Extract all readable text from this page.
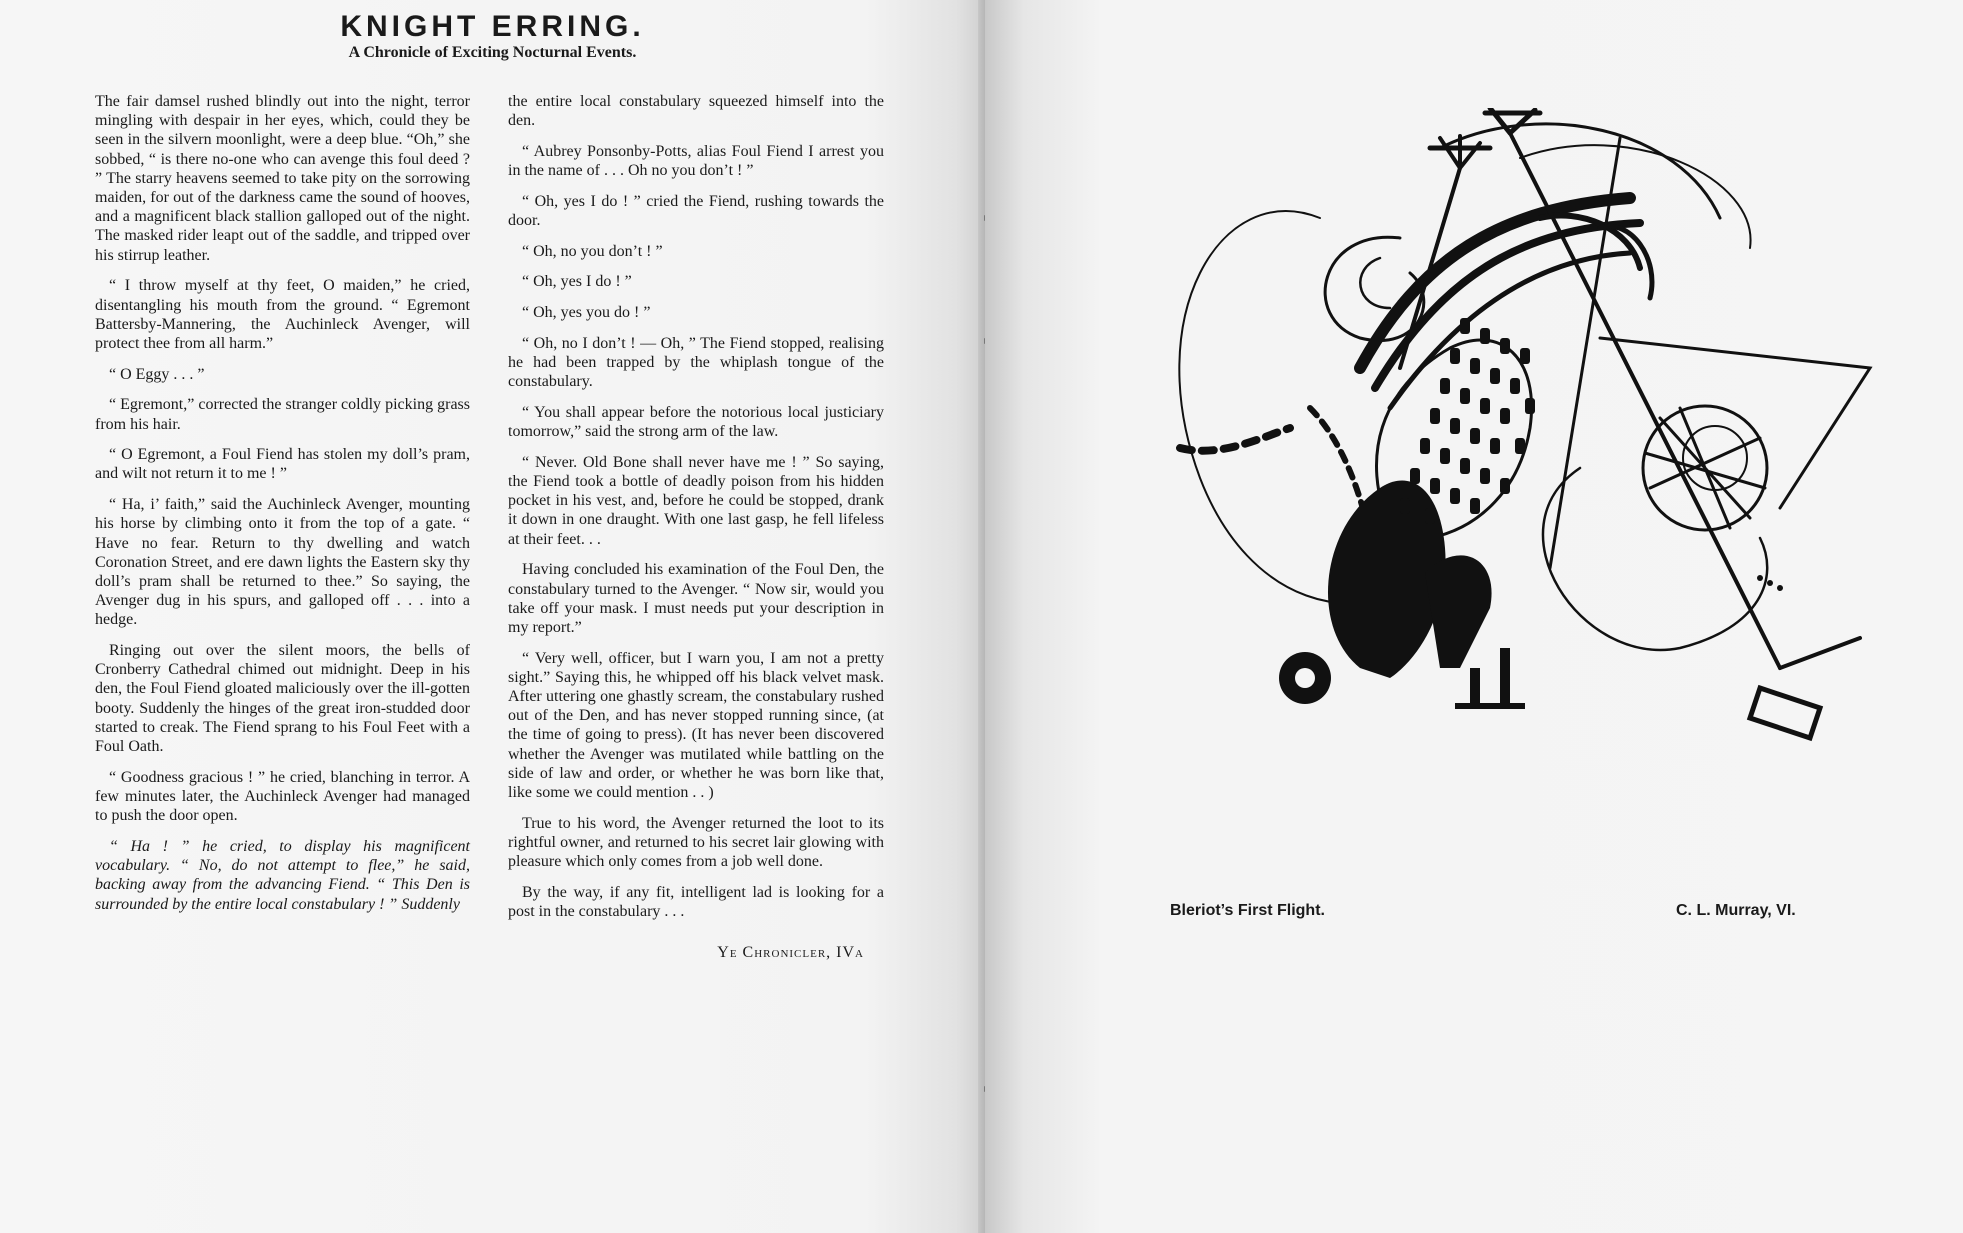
KNIGHT ERRING.
A Chronicle of Exciting Nocturnal Events.

The fair damsel rushed blindly out into the night, terror mingling with despair in her eyes, which, could they be seen in the silvern moonlight, were a deep blue. “Oh,” she sobbed, “ is there no-one who can avenge this foul deed ? ” The starry heavens seemed to take pity on the sorrowing maiden, for out of the darkness came the sound of hooves, and a magnificent black stallion galloped out of the night. The masked rider leapt out of the saddle, and tripped over his stirrup leather.

“ I throw myself at thy feet, O maiden,” he cried, disentangling his mouth from the ground. “ Egremont Battersby-Mannering, the Auchinleck Avenger, will protect thee from all harm.”

“ O Eggy . . . ”

“ Egremont,” corrected the stranger coldly picking grass from his hair.

“ O Egremont, a Foul Fiend has stolen my doll’s pram, and wilt not return it to me ! ”

“ Ha, i’ faith,” said the Auchinleck Avenger, mounting his horse by climbing onto it from the top of a gate. “ Have no fear. Return to thy dwelling and watch Coronation Street, and ere dawn lights the Eastern sky thy doll’s pram shall be returned to thee.” So saying, the Avenger dug in his spurs, and galloped off . . . into a hedge.

Ringing out over the silent moors, the bells of Cronberry Cathedral chimed out midnight. Deep in his den, the Foul Fiend gloated maliciously over the ill-gotten booty. Suddenly the hinges of the great iron-studded door started to creak. The Fiend sprang to his Foul Feet with a Foul Oath.

“ Goodness gracious ! ” he cried, blanching in terror. A few minutes later, the Auchinleck Avenger had managed to push the door open.

“ Ha ! ” he cried, to display his magnificent vocabulary. “ No, do not attempt to flee,” he said, backing away from the advancing Fiend. “ This Den is surrounded by the entire local constabulary ! ” Suddenly

the entire local constabulary squeezed himself into the den.

“ Aubrey Ponsonby-Potts, alias Foul Fiend I arrest you in the name of . . . Oh no you don’t ! ”

“ Oh, yes I do ! ” cried the Fiend, rushing towards the door.

“ Oh, no you don’t ! ”

“ Oh, yes I do ! ”

“ Oh, yes you do ! ”

“ Oh, no I don’t ! — Oh, ” The Fiend stopped, realising he had been trapped by the whiplash tongue of the constabulary.

“ You shall appear before the notorious local justiciary tomorrow,” said the strong arm of the law.

“ Never. Old Bone shall never have me ! ” So saying, the Fiend took a bottle of deadly poison from his hidden pocket in his vest, and, before he could be stopped, drank it down in one draught. With one last gasp, he fell lifeless at their feet. . .

Having concluded his examination of the Foul Den, the constabulary turned to the Avenger. “ Now sir, would you take off your mask. I must needs put your description in my report.”

“ Very well, officer, but I warn you, I am not a pretty sight.” Saying this, he whipped off his black velvet mask. After uttering one ghastly scream, the constabulary rushed out of the Den, and has never stopped running since, (at the time of going to press). (It has never been discovered whether the Avenger was mutilated while battling on the side of law and order, or whether he was born like that, like some we could mention . . )

True to his word, the Avenger returned the loot to its rightful owner, and returned to his secret lair glowing with pleasure which only comes from a job well done.

By the way, if any fit, intelligent lad is looking for a post in the constabulary . . .

Ye Chronicler, IVa
Bleriot’s First Flight.	C. L. Murray, VI.
